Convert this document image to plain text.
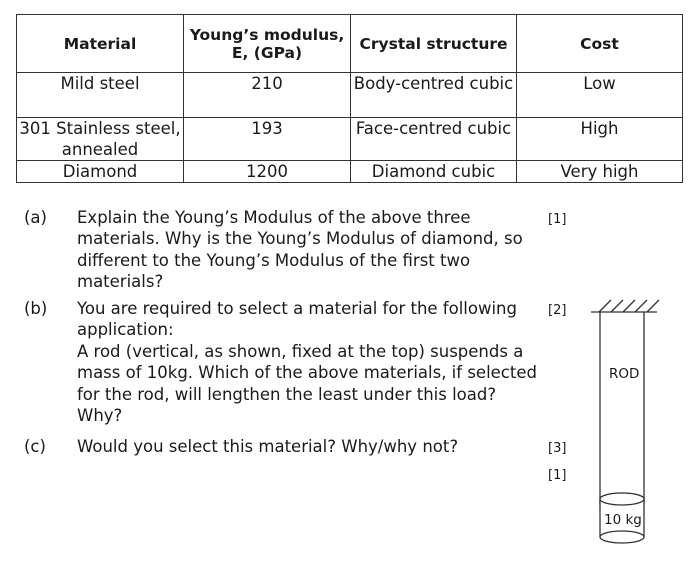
Material	Young’s modulus, E, (GPa)	Crystal structure	Cost
Mild steel	210	Body-centred cubic	Low
301 Stainless steel, annealed	193	Face-centred cubic	High
Diamond	1200	Diamond cubic	Very high
(a) Explain the Young’s Modulus of the above three materials. Why is the Young’s Modulus of diamond, so different to the Young’s Modulus of the first two materials?
[1]
(b) You are required to select a material for the following application:
A rod (vertical, as shown, fixed at the top) suspends a mass of 10kg. Which of the above materials, if selected for the rod, will lengthen the least under this load? Why?
[2]
(c) Would you select this material? Why/why not?	[3]
[1]
ROD
10 kg
